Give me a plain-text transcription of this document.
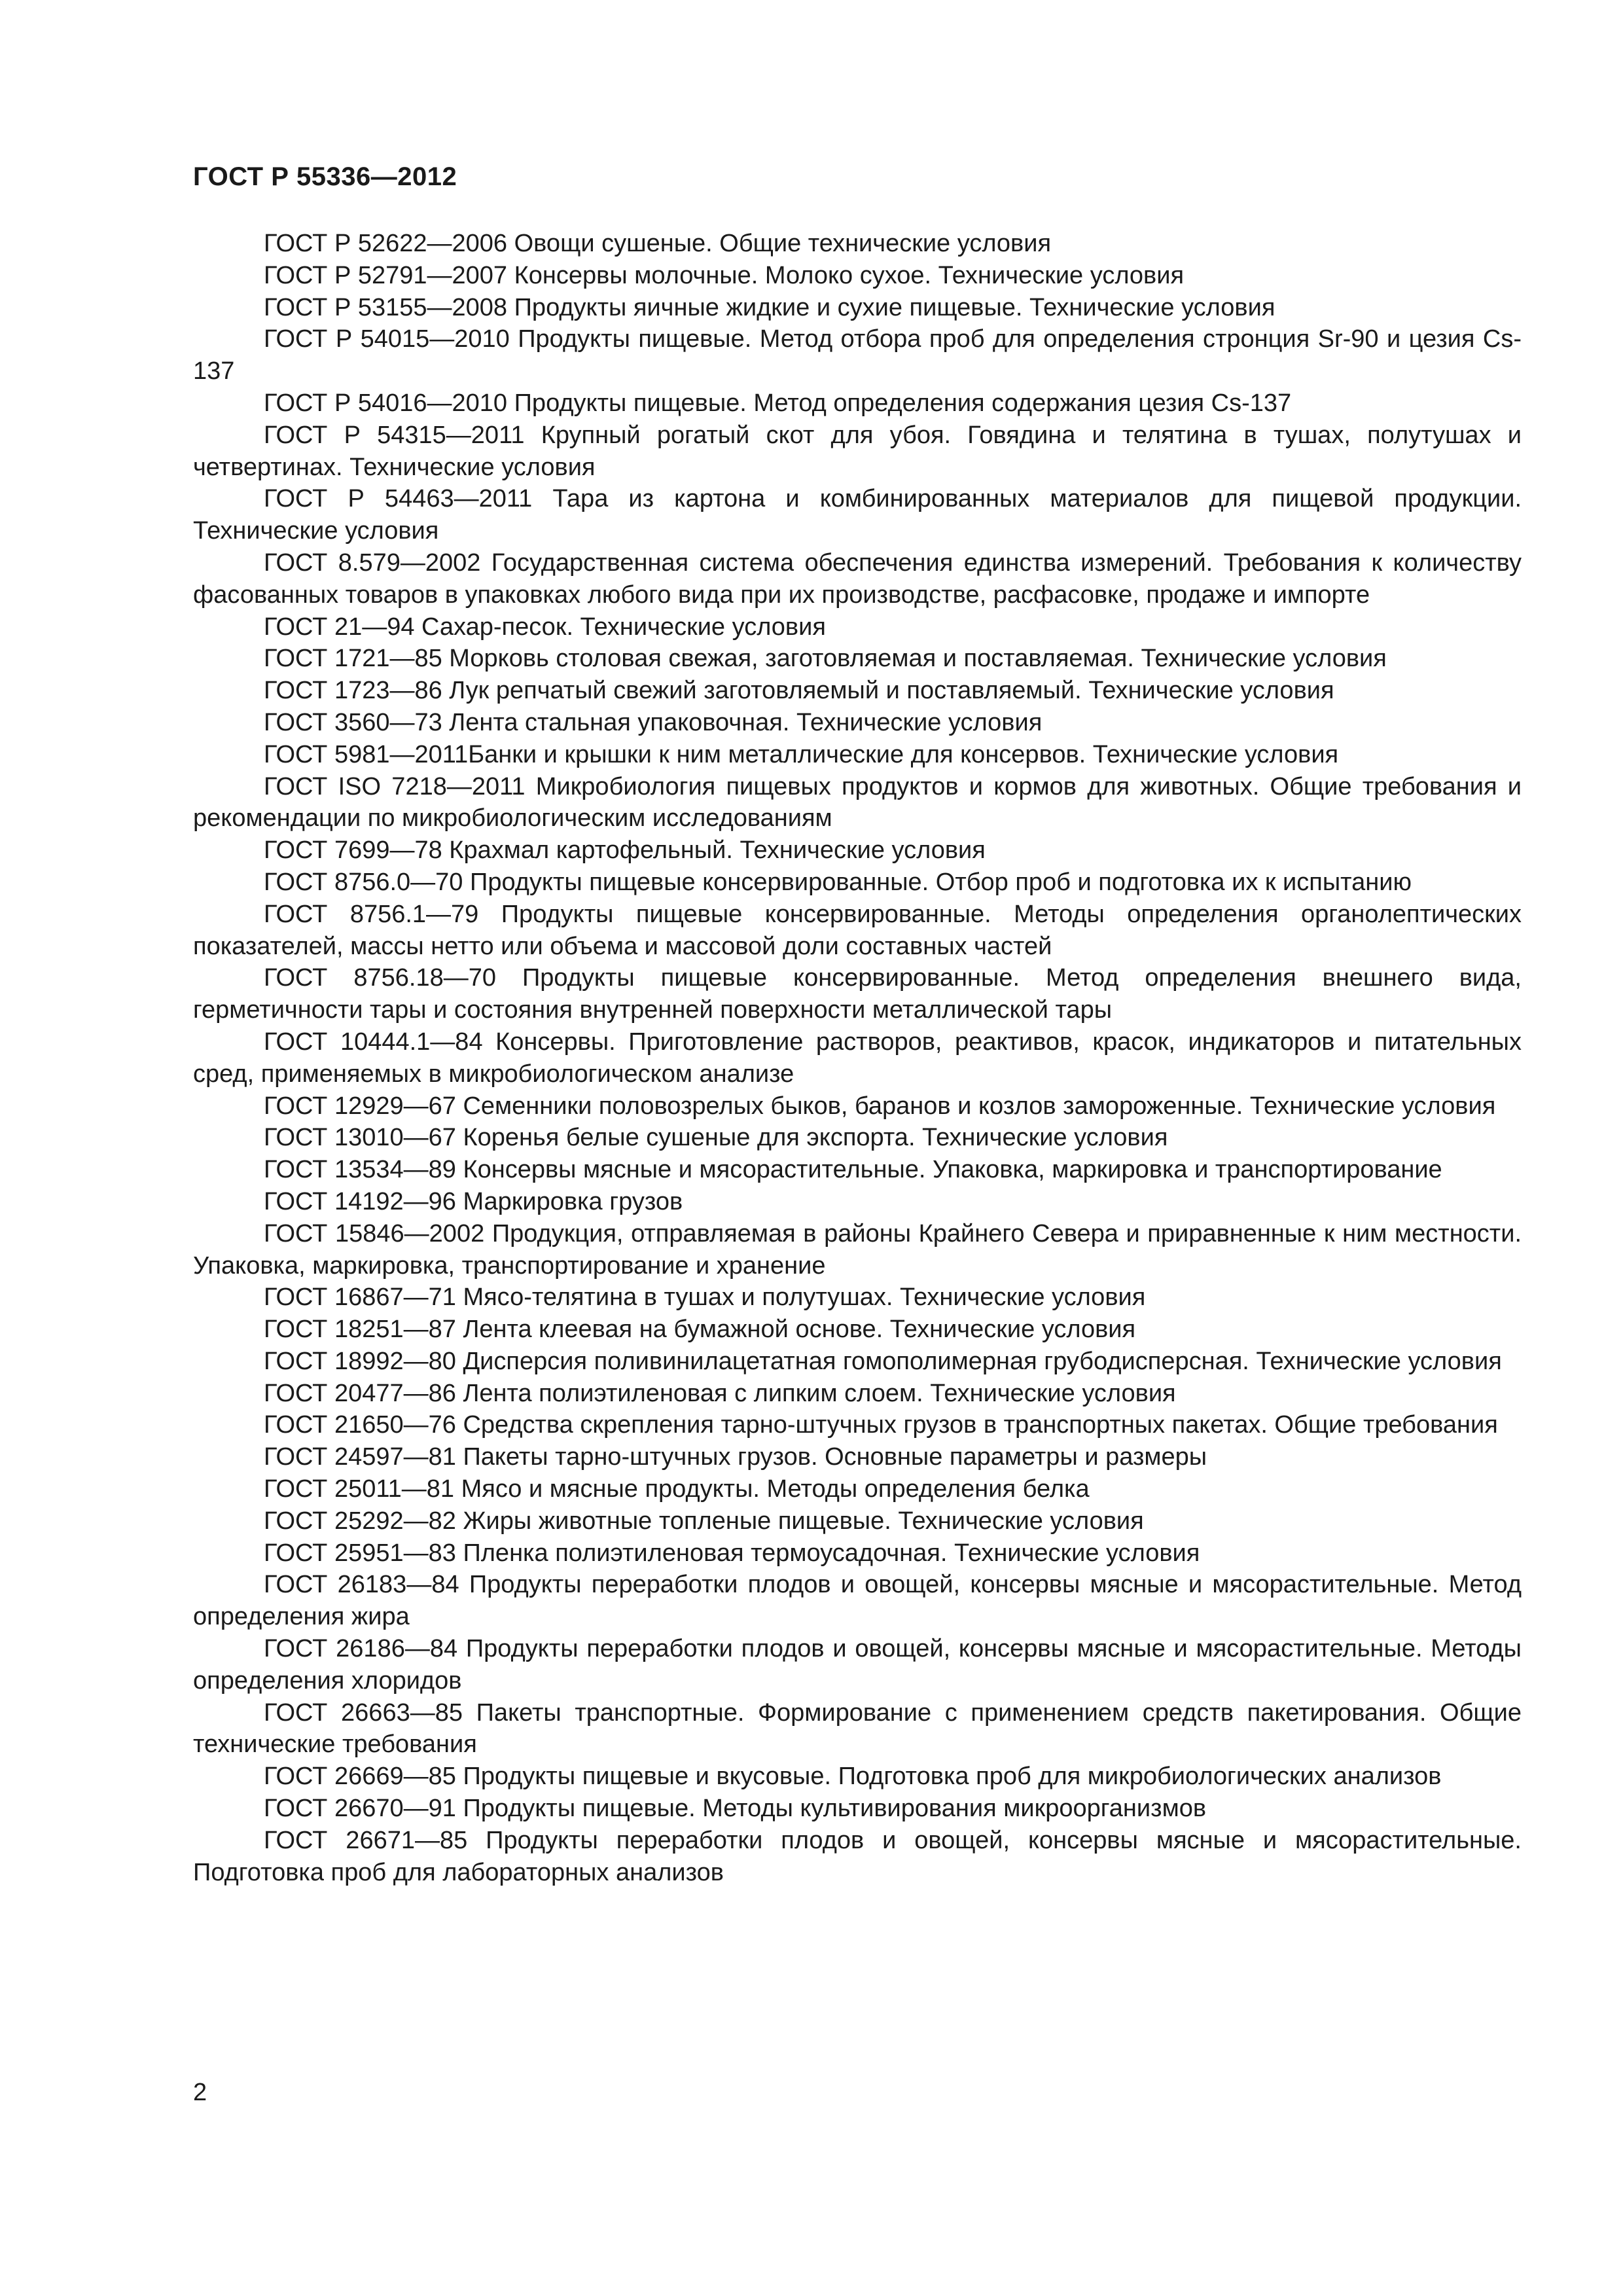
ГОСТ Р 55336—2012

ГОСТ Р 52622—2006 Овощи сушеные. Общие технические условия

ГОСТ Р 52791—2007 Консервы молочные. Молоко сухое. Технические условия

ГОСТ Р 53155—2008 Продукты яичные жидкие и сухие пищевые. Технические условия

ГОСТ Р 54015—2010 Продукты пищевые. Метод отбора проб для определения стронция Sr-90 и цезия Cs-137

ГОСТ Р 54016—2010 Продукты пищевые. Метод определения содержания цезия Cs-137

ГОСТ Р 54315—2011 Крупный рогатый скот для убоя. Говядина и телятина в тушах, полутушах и четвертинах. Технические условия

ГОСТ Р 54463—2011 Тара из картона и комбинированных материалов для пищевой продукции. Технические условия

ГОСТ 8.579—2002 Государственная система обеспечения единства измерений. Требования к количеству фасованных товаров в упаковках любого вида при их производстве, расфасовке, продаже и импорте

ГОСТ 21—94 Сахар-песок. Технические условия

ГОСТ 1721—85 Морковь столовая свежая, заготовляемая и поставляемая. Технические условия

ГОСТ 1723—86 Лук репчатый свежий заготовляемый и поставляемый. Технические условия

ГОСТ 3560—73 Лента стальная упаковочная. Технические условия

ГОСТ 5981—2011Банки и крышки к ним металлические для консервов. Технические условия

ГОСТ ISO 7218—2011 Микробиология пищевых продуктов и кормов для животных. Общие требования и рекомендации по микробиологическим исследованиям

ГОСТ 7699—78 Крахмал картофельный. Технические условия

ГОСТ 8756.0—70 Продукты пищевые консервированные. Отбор проб и подготовка их к испытанию

ГОСТ 8756.1—79 Продукты пищевые консервированные. Методы определения органолептических показателей, массы нетто или объема и массовой доли составных частей

ГОСТ 8756.18—70 Продукты пищевые консервированные. Метод определения внешнего вида, герметичности тары и состояния внутренней поверхности металлической тары

ГОСТ 10444.1—84 Консервы. Приготовление растворов, реактивов, красок, индикаторов и питательных сред, применяемых в микробиологическом анализе

ГОСТ 12929—67 Семенники половозрелых быков, баранов и козлов замороженные. Технические условия

ГОСТ 13010—67 Коренья белые сушеные для экспорта. Технические условия

ГОСТ 13534—89 Консервы мясные и мясорастительные. Упаковка, маркировка и транспортирование

ГОСТ 14192—96 Маркировка грузов

ГОСТ 15846—2002 Продукция, отправляемая в районы Крайнего Севера и приравненные к ним местности. Упаковка, маркировка, транспортирование и хранение

ГОСТ 16867—71 Мясо-телятина в тушах и полутушах. Технические условия

ГОСТ 18251—87 Лента клеевая на бумажной основе. Технические условия

ГОСТ 18992—80 Дисперсия поливинилацетатная гомополимерная грубодисперсная. Технические условия

ГОСТ 20477—86 Лента полиэтиленовая с липким слоем. Технические условия

ГОСТ 21650—76 Средства скрепления тарно-штучных грузов в транспортных пакетах. Общие требования

ГОСТ 24597—81 Пакеты тарно-штучных грузов. Основные параметры и размеры

ГОСТ 25011—81 Мясо и мясные продукты. Методы определения белка

ГОСТ 25292—82 Жиры животные топленые пищевые. Технические условия

ГОСТ 25951—83 Пленка полиэтиленовая термоусадочная. Технические условия

ГОСТ 26183—84 Продукты переработки плодов и овощей, консервы мясные и мясорастительные. Метод определения жира

ГОСТ 26186—84 Продукты переработки плодов и овощей, консервы мясные и мясорастительные. Методы определения хлоридов

ГОСТ 26663—85 Пакеты транспортные. Формирование с применением средств пакетирования. Общие технические требования

ГОСТ 26669—85 Продукты пищевые и вкусовые. Подготовка проб для микробиологических анализов

ГОСТ 26670—91 Продукты пищевые. Методы культивирования микроорганизмов

ГОСТ 26671—85 Продукты переработки плодов и овощей, консервы мясные и мясорастительные. Подготовка проб для лабораторных анализов

2
